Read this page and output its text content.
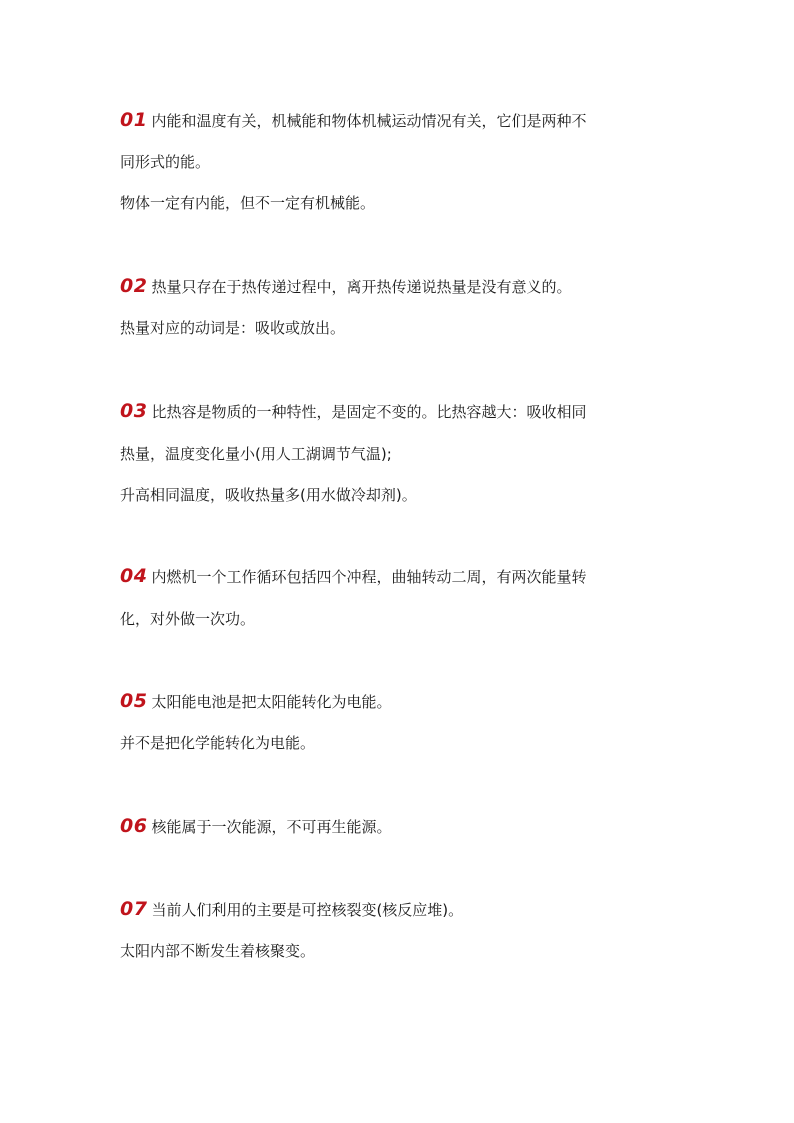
01 内能和温度有关，机械能和物体机械运动情况有关，它们是两种不

同形式的能。

物体一定有内能，但不一定有机械能。

02 热量只存在于热传递过程中，离开热传递说热量是没有意义的。

热量对应的动词是：吸收或放出。

03 比热容是物质的一种特性，是固定不变的。比热容越大：吸收相同

热量，温度变化量小(用人工湖调节气温);

升高相同温度，吸收热量多(用水做冷却剂)。

04 内燃机一个工作循环包括四个冲程，曲轴转动二周，有两次能量转

化，对外做一次功。

05 太阳能电池是把太阳能转化为电能。

并不是把化学能转化为电能。

06 核能属于一次能源，不可再生能源。

07 当前人们利用的主要是可控核裂变(核反应堆)。

太阳内部不断发生着核聚变。
